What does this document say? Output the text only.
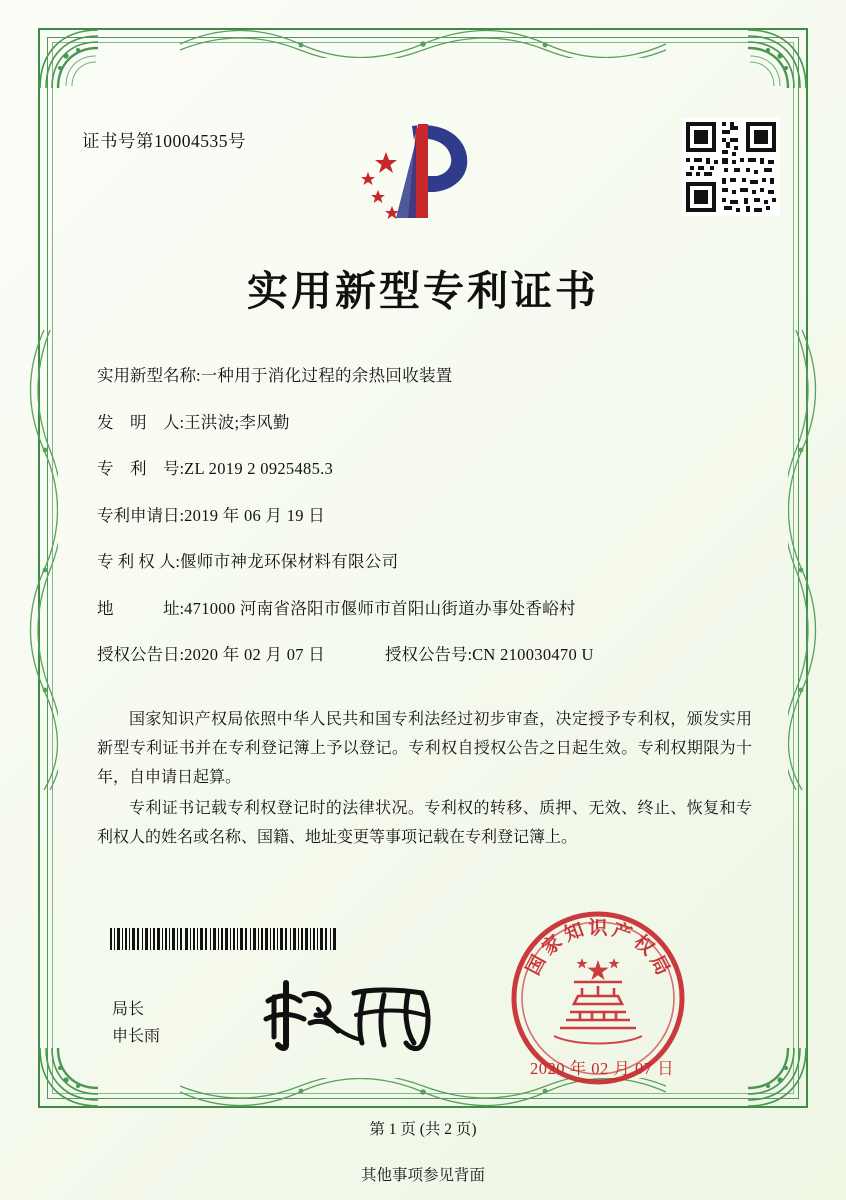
证书号第10004535号
实用新型专利证书
实用新型名称: 一种用于消化过程的余热回收装置
发　明　人: 王洪波;李风勤
专　利　号: ZL 2019 2 0925485.3
专利申请日: 2019 年 06 月 19 日
专 利 权 人: 偃师市神龙环保材料有限公司
地　　　址: 471000 河南省洛阳市偃师市首阳山街道办事处香峪村
授权公告日: 2020 年 02 月 07 日	授权公告号: CN 210030470 U

国家知识产权局依照中华人民共和国专利法经过初步审查，决定授予专利权，颁发实用新型专利证书并在专利登记簿上予以登记。专利权自授权公告之日起生效。专利权期限为十年，自申请日起算。

专利证书记载专利权登记时的法律状况。专利权的转移、质押、无效、终止、恢复和专利权人的姓名或名称、国籍、地址变更等事项记载在专利登记簿上。

局长
申长雨
国
家
知 识 产
权
局
2020 年 02 月 07 日
第 1 页 (共 2 页)
其他事项参见背面
